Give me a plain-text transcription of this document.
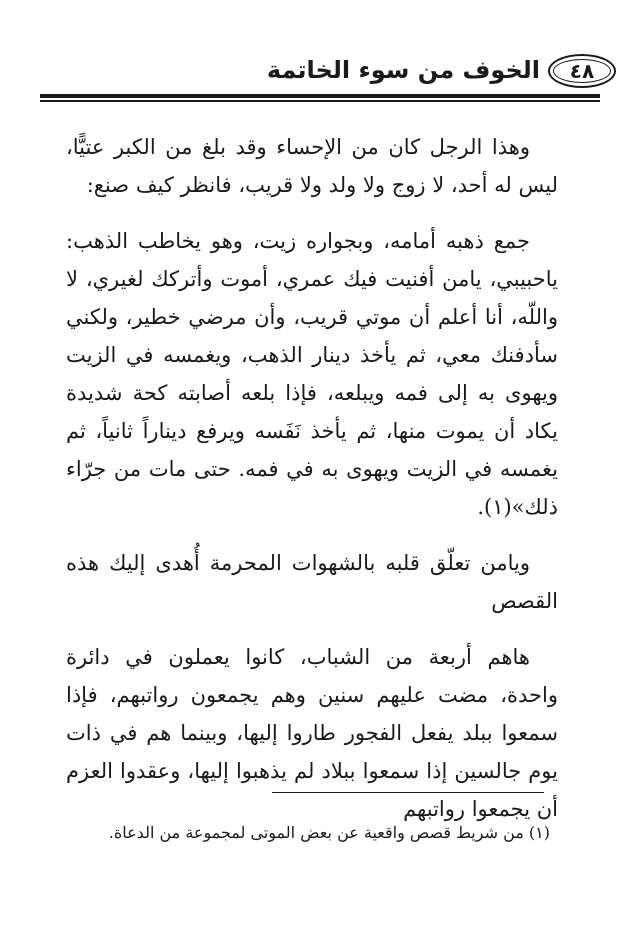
الخوف من سوء الخاتمة	٤٨

وهذا الرجل كان من الإحساء وقد بلغ من الكبر عتيًّا، ليس له أحد، لا زوج ولا ولد ولا قريب، فانظر كيف صنع:

جمع ذهبه أمامه، وبجواره زيت، وهو يخاطب الذهب: ياحبيبي، يامن أفنيت فيك عمري، أموت وأتركك لغيري، لا واللّه، أنا أعلم أن موتي قريب، وأن مرضي خطير، ولكني سأدفنك معي، ثم يأخذ دينار الذهب، ويغمسه في الزيت ويهوى به إلى فمه ويبلعه، فإذا بلعه أصابته كحة شديدة يكاد أن يموت منها، ثم يأخذ نَفَسه ويرفع ديناراً ثانياً، ثم يغمسه في الزيت ويهوى به في فمه. حتى مات من جرّاء ذلك»(١).

ويامن تعلّق قلبه بالشهوات المحرمة أُهدى إليك هذه القصص

هاهم أربعة من الشباب، كانوا يعملون في دائرة واحدة، مضت عليهم سنين وهم يجمعون رواتبهم، فإذا سمعوا ببلد يفعل الفجور طاروا إليها، وبينما هم في ذات يوم جالسين إذا سمعوا ببلاد لم يذهبوا إليها، وعقدوا العزم أن يجمعوا رواتبهم

(١) من شريط قصص واقعية عن بعض الموتى لمجموعة من الدعاة.
